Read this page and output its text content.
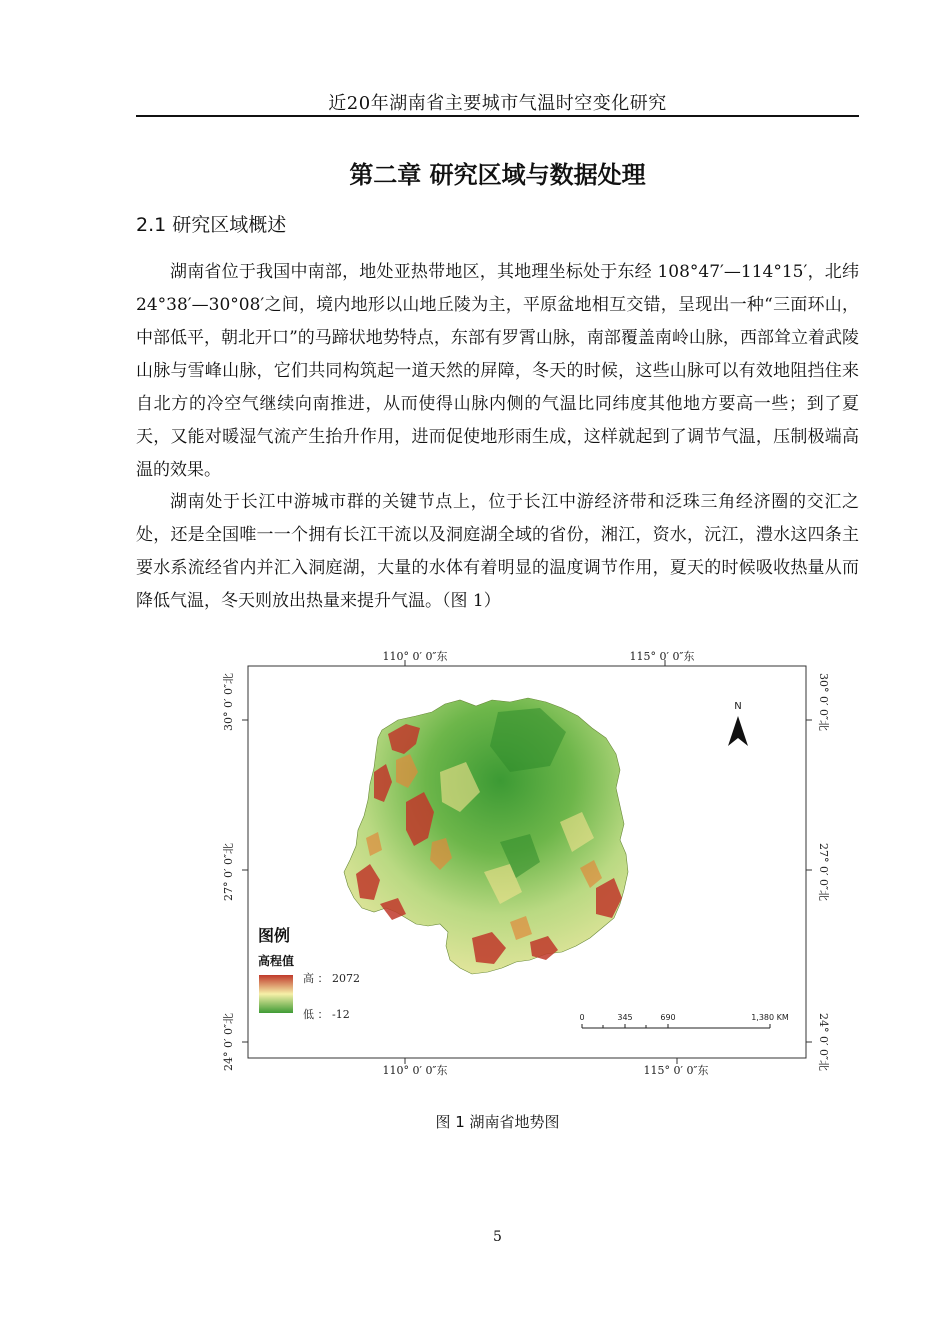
近20年湖南省主要城市气温时空变化研究
第二章 研究区域与数据处理
2.1 研究区域概述

湖南省位于我国中南部，地处亚热带地区，其地理坐标处于东经 108°47′—114°15′，北纬 24°38′—30°08′之间，境内地形以山地丘陵为主，平原盆地相互交错，呈现出一种“三面环山，中部低平，朝北开口”的马蹄状地势特点，东部有罗霄山脉，南部覆盖南岭山脉，西部耸立着武陵山脉与雪峰山脉，它们共同构筑起一道天然的屏障，冬天的时候，这些山脉可以有效地阻挡住来自北方的冷空气继续向南推进，从而使得山脉内侧的气温比同纬度其他地方要高一些；到了夏天，又能对暖湿气流产生抬升作用，进而促使地形雨生成，这样就起到了调节气温，压制极端高温的效果。

湖南处于长江中游城市群的关键节点上，位于长江中游经济带和泛珠三角经济圈的交汇之处，还是全国唯一一个拥有长江干流以及洞庭湖全域的省份，湘江，资水，沅江，澧水这四条主要水系流经省内并汇入洞庭湖，大量的水体有着明显的温度调节作用，夏天的时候吸收热量从而降低气温，冬天则放出热量来提升气温。（图 1）

110° 0′ 0″东	115° 0′ 0″东
110° 0′ 0″东	115° 0′ 0″东
30° 0′ 0″北
27° 0′ 0″北
24° 0′ 0″北
30° 0′ 0″北
27° 0′ 0″北
24° 0′ 0″北
N
图例
高程值
高 ： 2072
低 ： -12	0	345	690	1,380 KM
图 1 湖南省地势图
5
